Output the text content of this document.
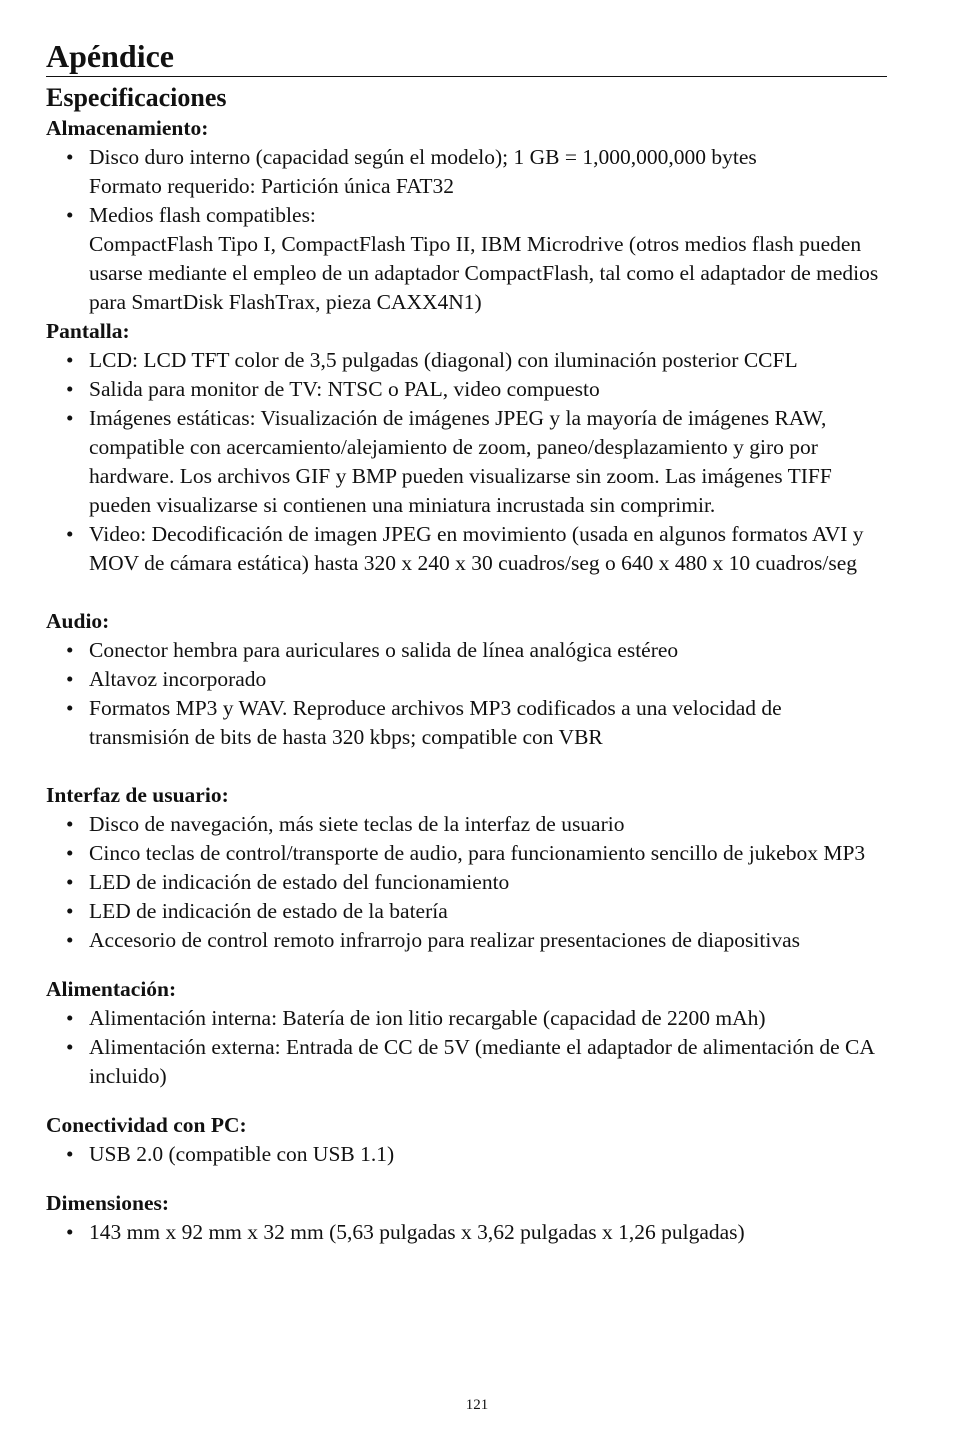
Apéndice
Especificaciones
Almacenamiento:
• Disco duro interno (capacidad según el modelo); 1 GB = 1,000,000,000 bytes
Formato requerido: Partición única FAT32
• Medios flash compatibles:
CompactFlash Tipo I, CompactFlash Tipo II, IBM Microdrive (otros medios flash pueden usarse mediante el empleo de un adaptador CompactFlash, tal como el adaptador de medios para SmartDisk FlashTrax, pieza CAXX4N1)
Pantalla:
• LCD: LCD TFT color de 3,5 pulgadas (diagonal) con iluminación posterior CCFL
• Salida para monitor de TV: NTSC o PAL, video compuesto
• Imágenes estáticas: Visualización de imágenes JPEG y la mayoría de imágenes RAW, compatible con acercamiento/alejamiento de zoom, paneo/desplazamiento y giro por hardware. Los archivos GIF y BMP pueden visualizarse sin zoom. Las imágenes TIFF pueden visualizarse si contienen una miniatura incrustada sin comprimir.
• Video: Decodificación de imagen JPEG en movimiento (usada en algunos formatos AVI y MOV de cámara estática) hasta 320 x 240 x 30 cuadros/seg o 640 x 480 x 10 cuadros/seg
Audio:
• Conector hembra para auriculares o salida de línea analógica estéreo
• Altavoz incorporado
• Formatos MP3 y WAV. Reproduce archivos MP3 codificados a una velocidad de transmisión de bits de hasta 320 kbps; compatible con VBR
Interfaz de usuario:
• Disco de navegación, más siete teclas de la interfaz de usuario
• Cinco teclas de control/transporte de audio, para funcionamiento sencillo de jukebox MP3
• LED de indicación de estado del funcionamiento
• LED de indicación de estado de la batería
• Accesorio de control remoto infrarrojo para realizar presentaciones de diapositivas
Alimentación:
• Alimentación interna: Batería de ion litio recargable (capacidad de 2200 mAh)
• Alimentación externa: Entrada de CC de 5V (mediante el adaptador de alimentación de CA incluido)
Conectividad con PC:
• USB 2.0 (compatible con USB 1.1)
Dimensiones:
• 143 mm x 92 mm x 32 mm (5,63 pulgadas x 3,62 pulgadas x 1,26 pulgadas)
121
